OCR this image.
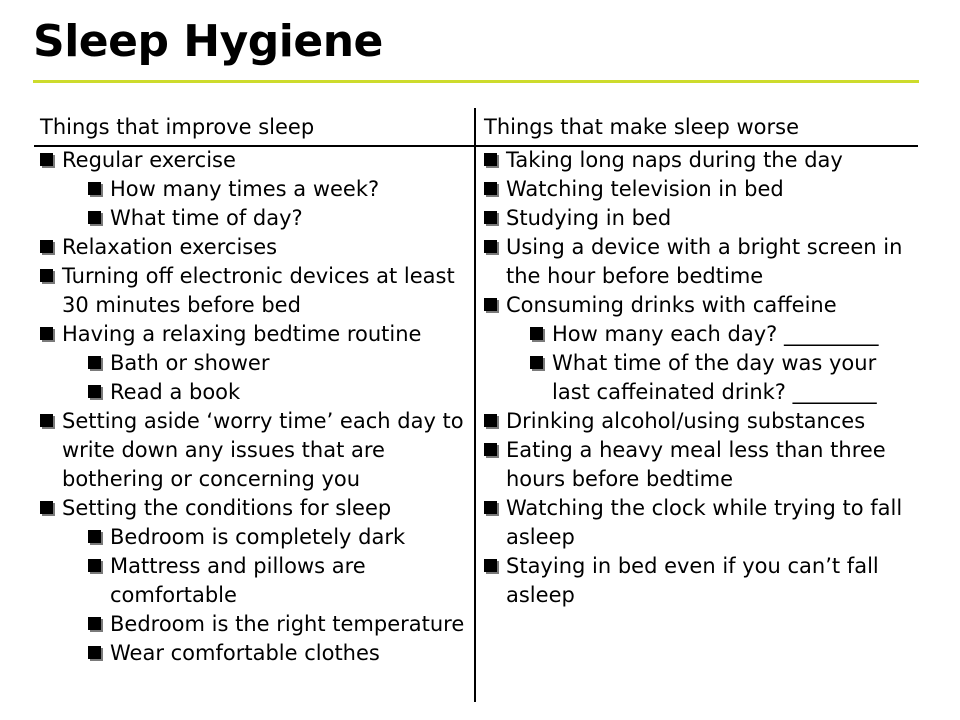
Sleep Hygiene
Things that improve sleep
Regular exercise
How many times a week?
What time of day?
Relaxation exercises
Turning off electronic devices at least 30 minutes before bed
Having a relaxing bedtime routine
Bath or shower
Read a book
Setting aside ‘worry time’ each day to write down any issues that are bothering or concerning you
Setting the conditions for sleep
Bedroom is completely dark
Mattress and pillows are comfortable
Bedroom is the right temperature
Wear comfortable clothes
Things that make sleep worse
Taking long naps during the day
Watching television in bed
Studying in bed
Using a device with a bright screen in the hour before bedtime
Consuming drinks with caffeine
How many each day? _________
What time of the day was your last caffeinated drink? ________
Drinking alcohol/using substances
Eating a heavy meal less than three hours before bedtime
Watching the clock while trying to fall asleep
Staying in bed even if you can’t fall asleep
